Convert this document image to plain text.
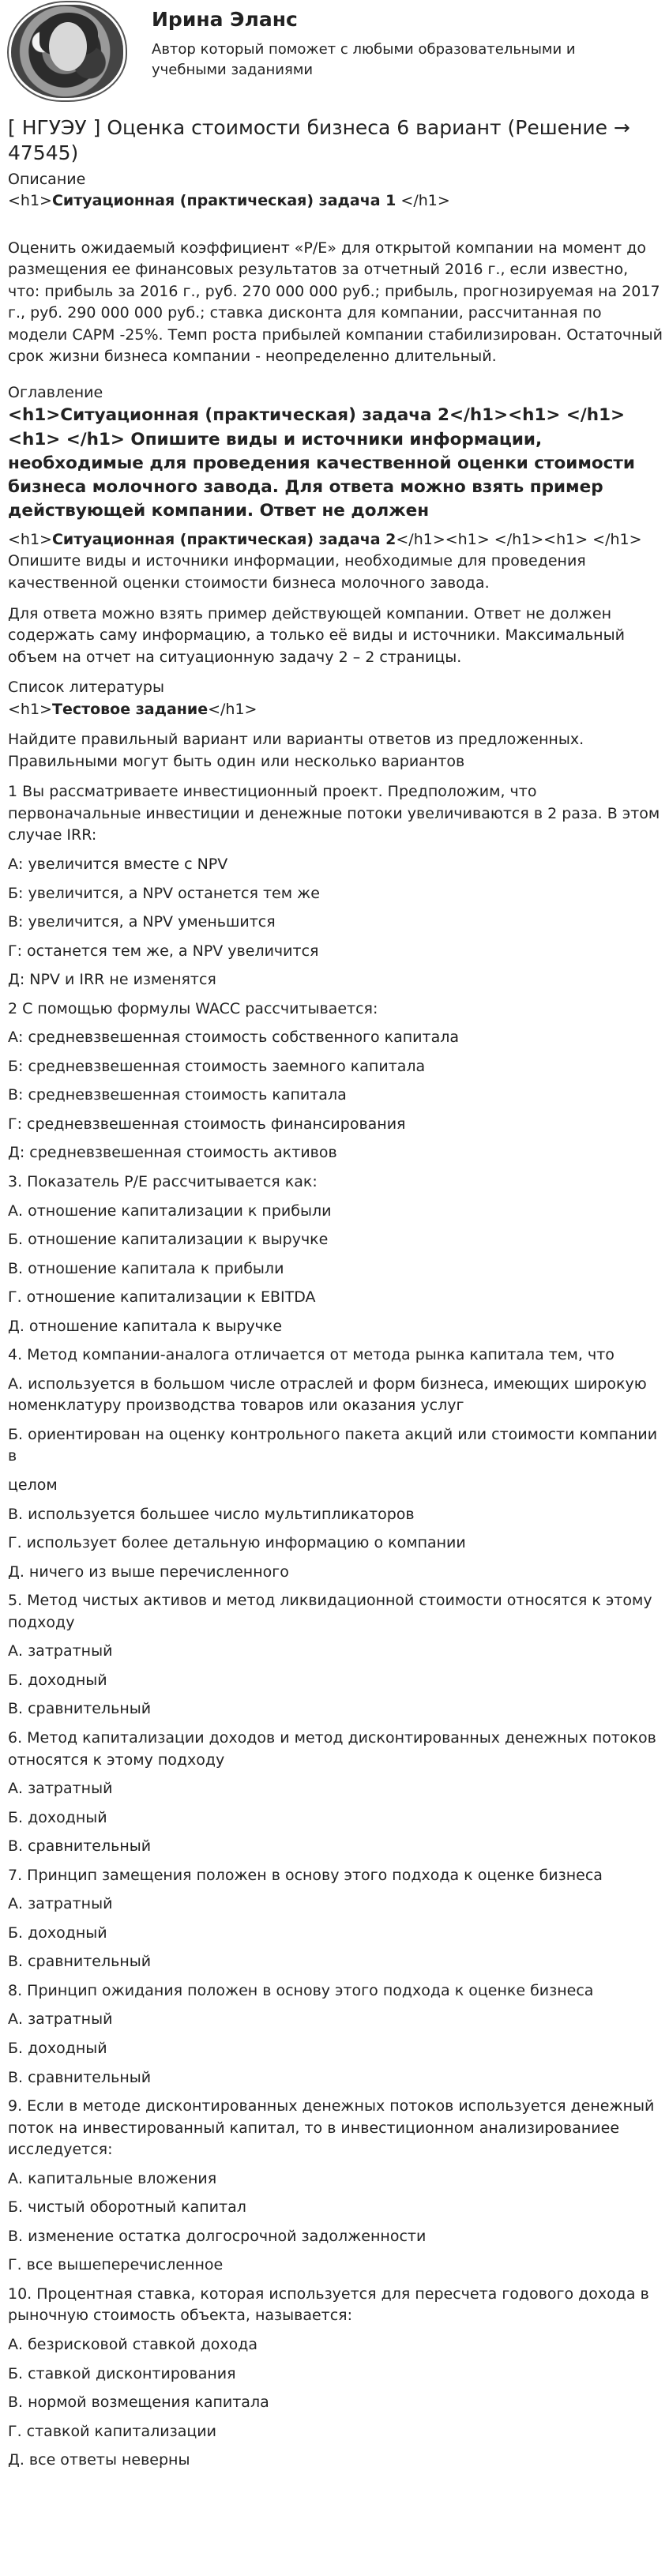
Ирина Эланс
Автор который поможет с любыми образовательными и учебными заданиями
[ НГУЭУ ] Оценка стоимости бизнеса 6 вариант (Решение → 47545)
Описание
<h1>Ситуационная (практическая) задача 1 </h1>

Оценить ожидаемый коэффициент «P/E» для открытой компании на момент до размещения ее финансовых результатов за отчетный 2016 г., если известно, что: прибыль за 2016 г., руб. 270 000 000 руб.; прибыль, прогнозируемая на 2017 г., руб. 290 000 000 руб.; ставка дисконта для компании, рассчитанная по модели CAPM -25%. Темп роста прибылей компании стабилизирован. Остаточный срок жизни бизнеса компании - неопределенно длительный.

Оглавление
<h1>Ситуационная (практическая) задача 2</h1><h1> </h1><h1> </h1> Опишите виды и источники информации, необходимые для проведения качественной оценки стоимости бизнеса молочного завода. Для ответа можно взять пример действующей компании. Ответ не должен
<h1>Ситуационная (практическая) задача 2</h1><h1> </h1><h1> </h1>

Опишите виды и источники информации, необходимые для проведения качественной оценки стоимости бизнеса молочного завода.

Для ответа можно взять пример действующей компании. Ответ не должен содержать саму информацию, а только её виды и источники. Максимальный объем на отчет на ситуационную задачу 2 – 2 страницы.

Список литературы
<h1>Тестовое задание</h1>

Найдите правильный вариант или варианты ответов из предложенных. Правильными могут быть один или несколько вариантов

1 Вы рассматриваете инвестиционный проект. Предположим, что первоначальные инвестиции и денежные потоки увеличиваются в 2 раза. В этом случае IRR:
А: увеличится вместе с NPV
Б: увеличится, а NPV останется тем же
В: увеличится, а NPV уменьшится
Г: останется тем же, а NPV увеличится
Д: NPV и IRR не изменятся
2 С помощью формулы WACC рассчитывается:
А: средневзвешенная стоимость собственного капитала
Б: средневзвешенная стоимость заемного капитала
В: средневзвешенная стоимость капитала
Г: средневзвешенная стоимость финансирования
Д: средневзвешенная стоимость активов
3. Показатель P/E рассчитывается как:
А. отношение капитализации к прибыли
Б. отношение капитализации к выручке
В. отношение капитала к прибыли
Г. отношение капитализации к EBITDA
Д. отношение капитала к выручке
4. Метод компании-аналога отличается от метода рынка капитала тем, что
А. используется в большом числе отраслей и форм бизнеса, имеющих широкую номенклатуру производства товаров или оказания услуг
Б. ориентирован на оценку контрольного пакета акций или стоимости компании в
целом
В. используется большее число мультипликаторов
Г. использует более детальную информацию о компании
Д. ничего из выше перечисленного
5. Метод чистых активов и метод ликвидационной стоимости относятся к этому подходу
А. затратный
Б. доходный
В. сравнительный
6. Метод капитализации доходов и метод дисконтированных денежных потоков относятся к этому подходу
А. затратный
Б. доходный
В. сравнительный
7. Принцип замещения положен в основу этого подхода к оценке бизнеса
А. затратный
Б. доходный
В. сравнительный
8. Принцип ожидания положен в основу этого подхода к оценке бизнеса
А. затратный
Б. доходный
В. сравнительный
9. Если в методе дисконтированных денежных потоков используется денежный поток на инвестированный капитал, то в инвестиционном анализированиее исследуется:
А. капитальные вложения
Б. чистый оборотный капитал
В. изменение остатка долгосрочной задолженности
Г. все вышеперечисленное
10. Процентная ставка, которая используется для пересчета годового дохода в рыночную стоимость объекта, называется:
А. безрисковой ставкой дохода
Б. ставкой дисконтирования
В. нормой возмещения капитала
Г. ставкой капитализации
Д. все ответы неверны
